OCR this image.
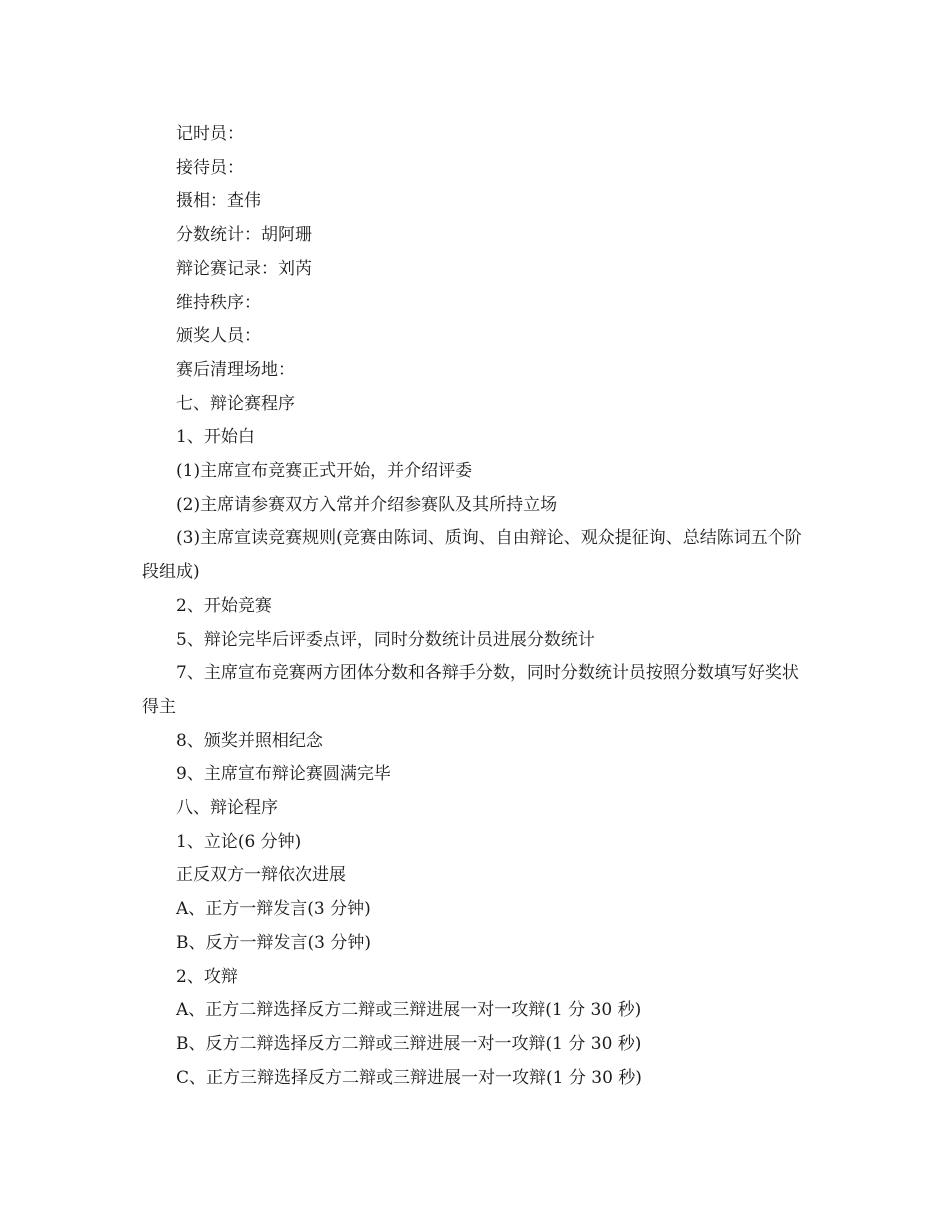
记时员：

接待员：

摄相：查伟

分数统计：胡阿珊

辩论赛记录：刘芮

维持秩序：

颁奖人员：

赛后清理场地：

七、辩论赛程序

1、开始白

(1)主席宣布竞赛正式开始，并介绍评委

(2)主席请参赛双方入常并介绍参赛队及其所持立场

(3)主席宣读竞赛规则(竞赛由陈词、质询、自由辩论、观众提征询、总结陈词五个阶段组成)

2、开始竞赛

5、辩论完毕后评委点评，同时分数统计员进展分数统计

7、主席宣布竞赛两方团体分数和各辩手分数，同时分数统计员按照分数填写好奖状得主

8、颁奖并照相纪念

9、主席宣布辩论赛圆满完毕

八、辩论程序

1、立论(6 分钟)

正反双方一辩依次进展

A、正方一辩发言(3 分钟)

B、反方一辩发言(3 分钟)

2、攻辩

A、正方二辩选择反方二辩或三辩进展一对一攻辩(1 分 30 秒)

B、反方二辩选择反方二辩或三辩进展一对一攻辩(1 分 30 秒)

C、正方三辩选择反方二辩或三辩进展一对一攻辩(1 分 30 秒)
